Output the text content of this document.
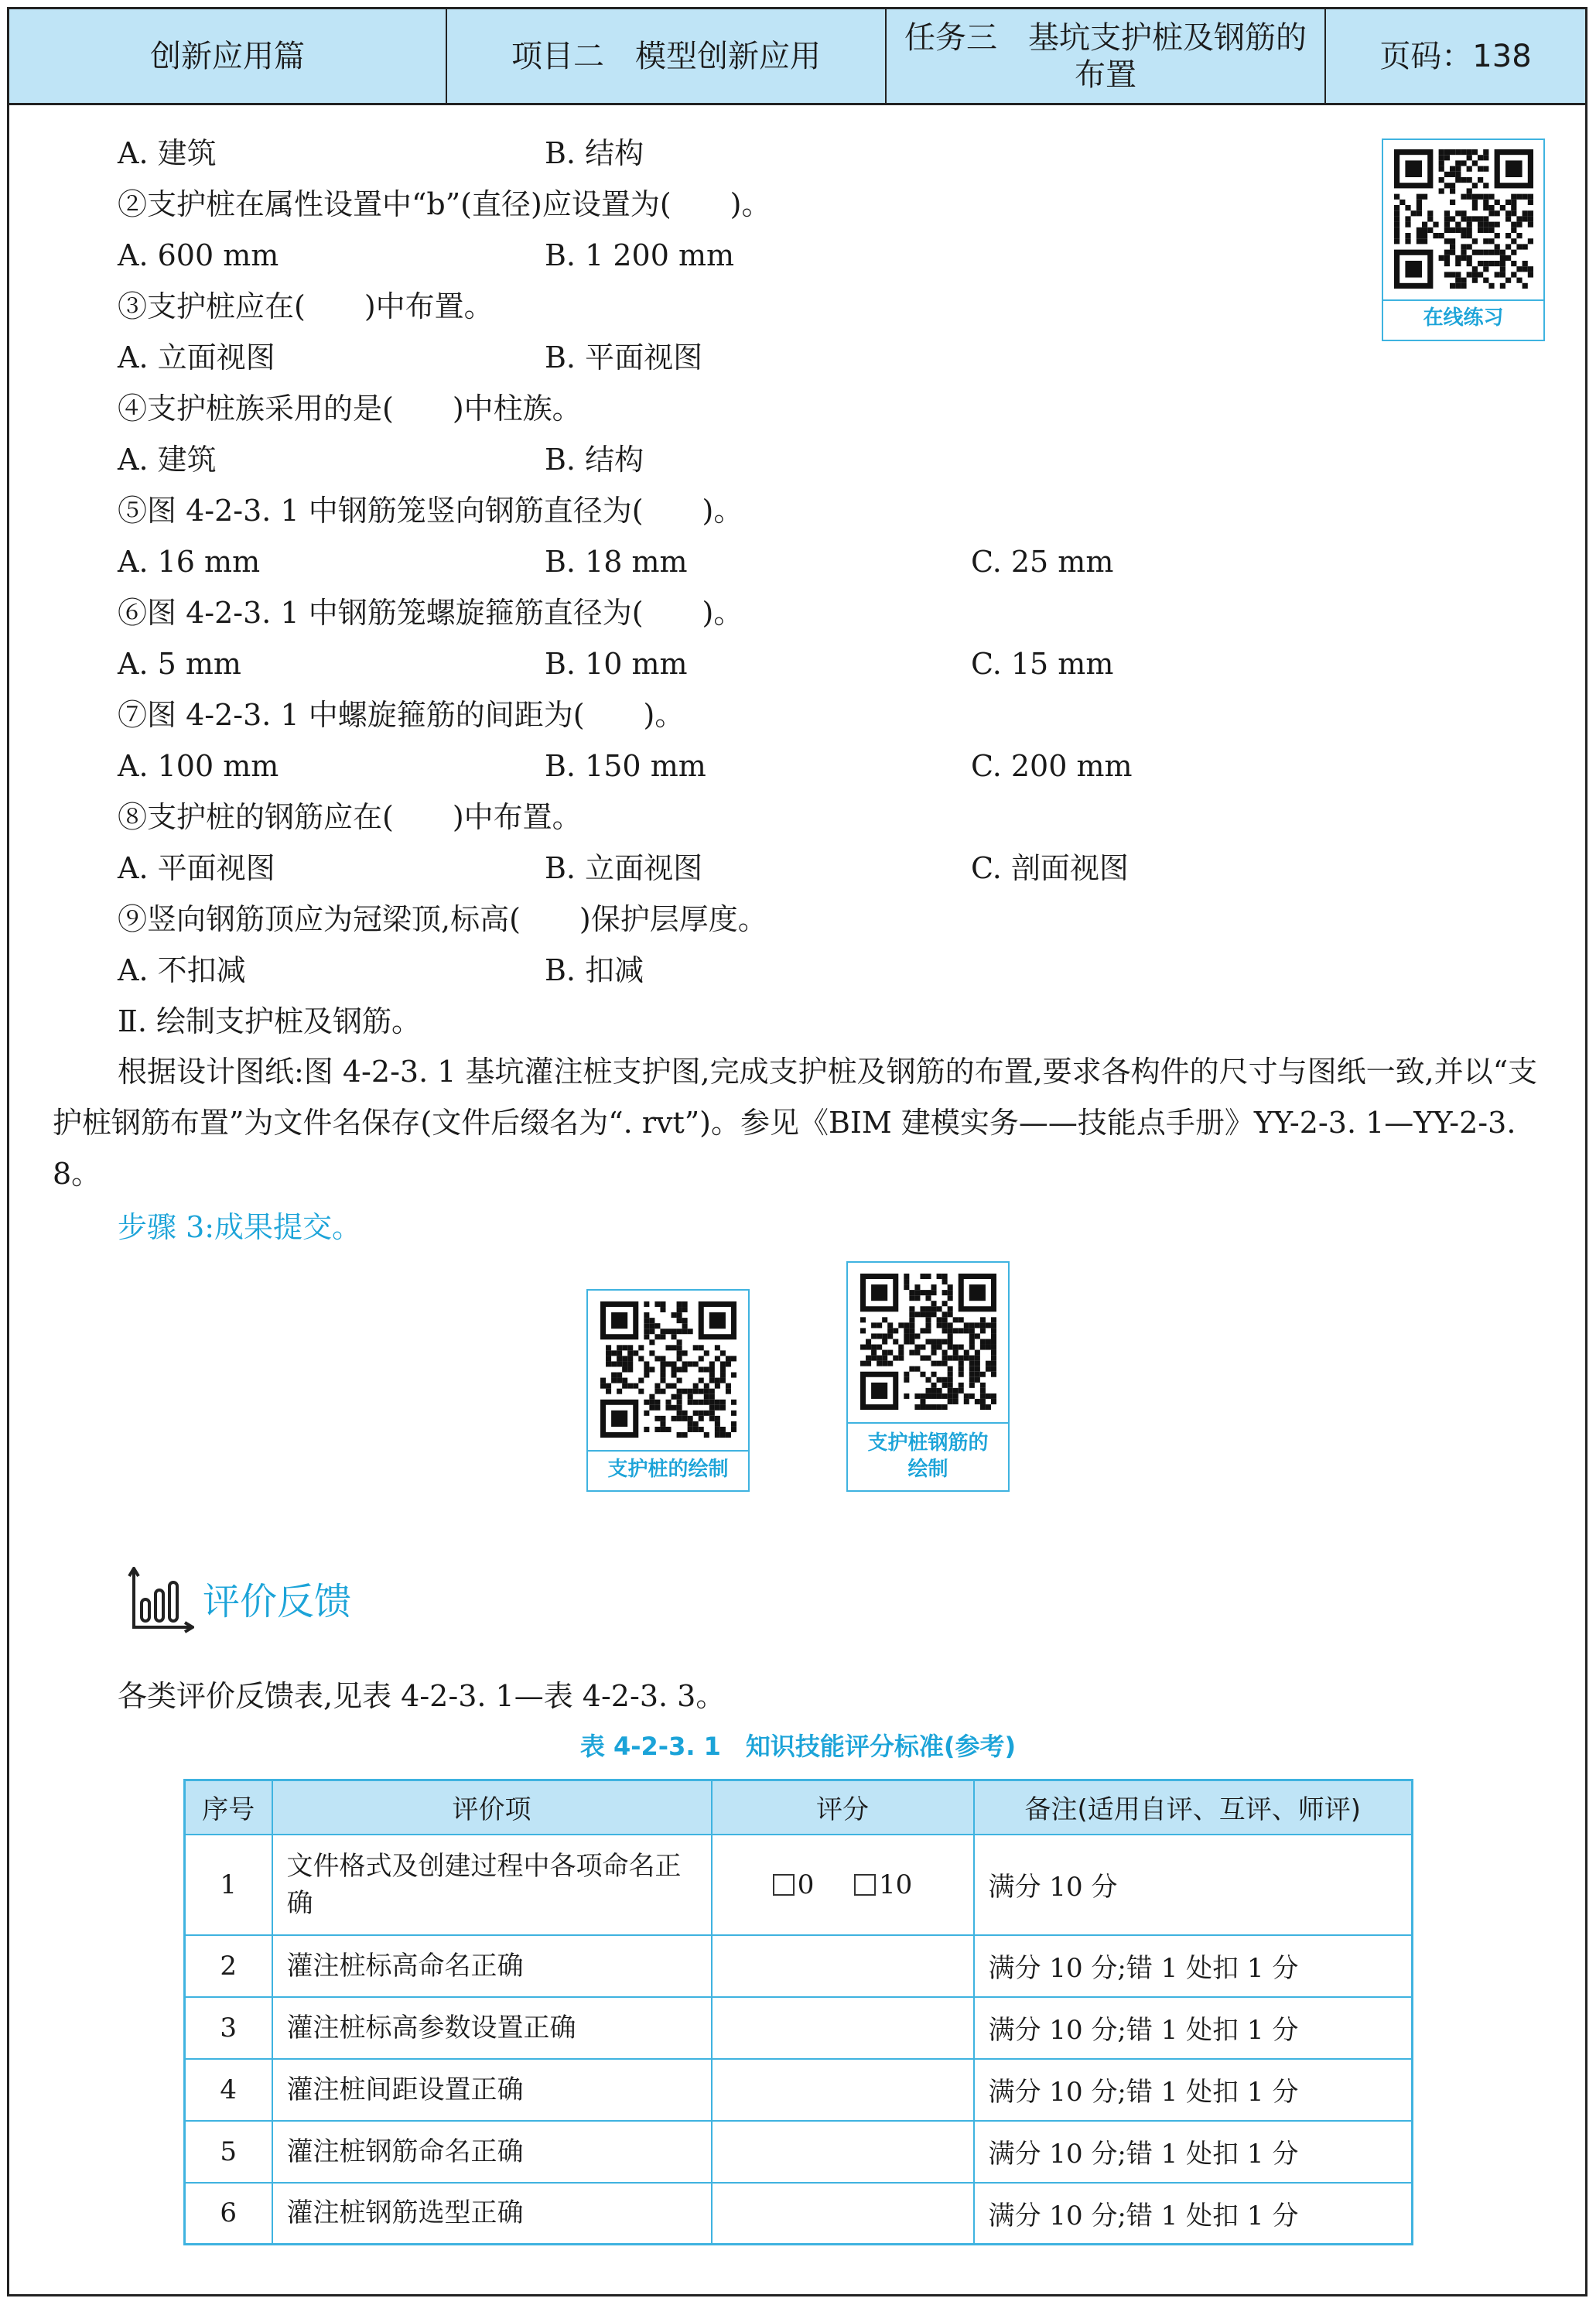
创新应用篇	项目二　模型创新应用
任务三　基坑支护桩及钢筋的布置
页码：138
A. 建筑	B. 结构
②支护桩在属性设置中“b”(直径)应设置为(　　)。
A. 600 mm	B. 1 200 mm
③支护桩应在(　　)中布置。
A. 立面视图	B. 平面视图
④支护桩族采用的是(　　)中柱族。
A. 建筑	B. 结构
⑤图 4-2-3. 1 中钢筋笼竖向钢筋直径为(　　)。
A. 16 mm	B. 18 mm	C. 25 mm
⑥图 4-2-3. 1 中钢筋笼螺旋箍筋直径为(　　)。
A. 5 mm	B. 10 mm	C. 15 mm
⑦图 4-2-3. 1 中螺旋箍筋的间距为(　　)。
A. 100 mm	B. 150 mm	C. 200 mm
⑧支护桩的钢筋应在(　　)中布置。
A. 平面视图	B. 立面视图	C. 剖面视图
⑨竖向钢筋顶应为冠梁顶,标高(　　)保护层厚度。
A. 不扣减	B. 扣减
Ⅱ. 绘制支护桩及钢筋。
根据设计图纸:图 4-2-3. 1 基坑灌注桩支护图,完成支护桩及钢筋的布置,要求各构件的尺寸与图纸一致,并以“支护桩钢筋布置”为文件名保存(文件后缀名为“. rvt”)。参见《BIM 建模实务——技能点手册》YY-2-3. 1—YY-2-3. 8。
步骤 3:成果提交。
在线练习
支护桩的绘制
支护桩钢筋的绘制
评价反馈
各类评价反馈表,见表 4-2-3. 1—表 4-2-3. 3。
表 4-2-3. 1　知识技能评分标准(参考)
序号	评价项	评分	备注(适用自评、互评、师评)
1	文件格式及创建过程中各项命名正确	0 10	满分 10 分
2	灌注桩标高命名正确		满分 10 分;错 1 处扣 1 分
3	灌注桩标高参数设置正确		满分 10 分;错 1 处扣 1 分
4	灌注桩间距设置正确		满分 10 分;错 1 处扣 1 分
5	灌注桩钢筋命名正确		满分 10 分;错 1 处扣 1 分
6	灌注桩钢筋选型正确		满分 10 分;错 1 处扣 1 分
